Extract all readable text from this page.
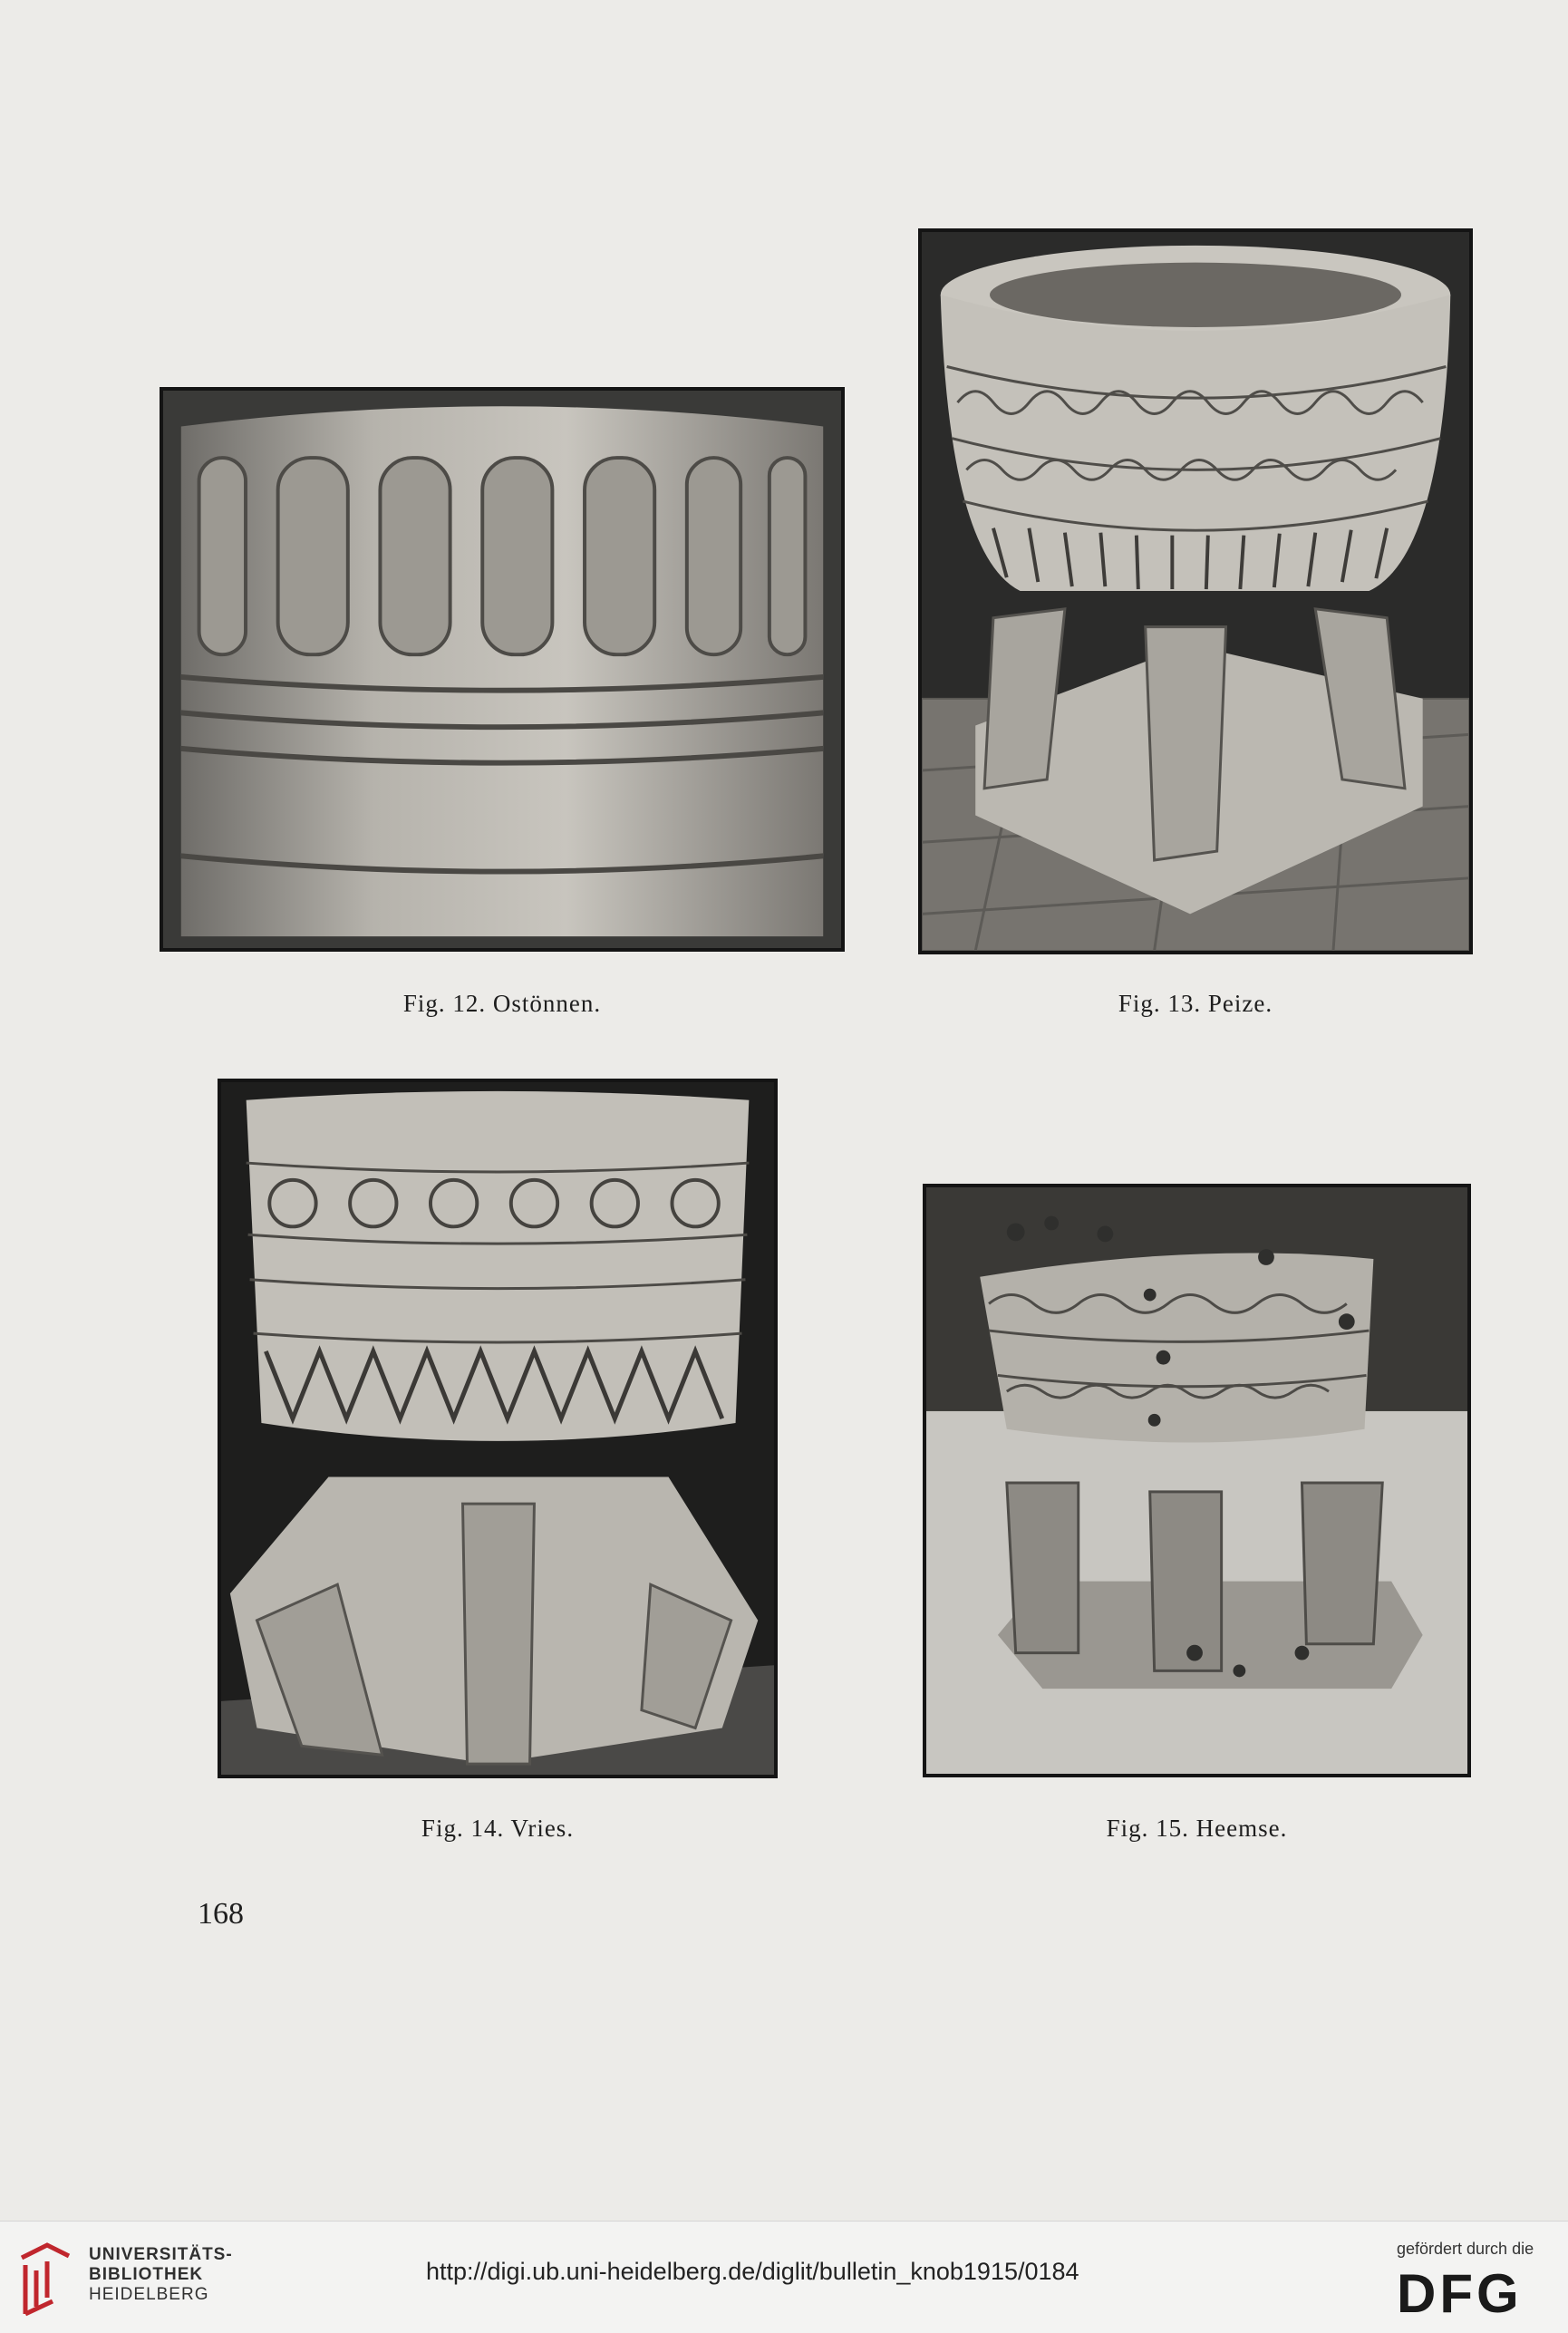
Fig. 12. Ostönnen.	Fig. 13. Peize.
Fig. 14. Vries.	Fig. 15. Heemse.
168
UNIVERSITÄTS-
BIBLIOTHEK
HEIDELBERG
http://digi.ub.uni-heidelberg.de/diglit/bulletin_knob1915/0184
gefördert durch die
DFG
